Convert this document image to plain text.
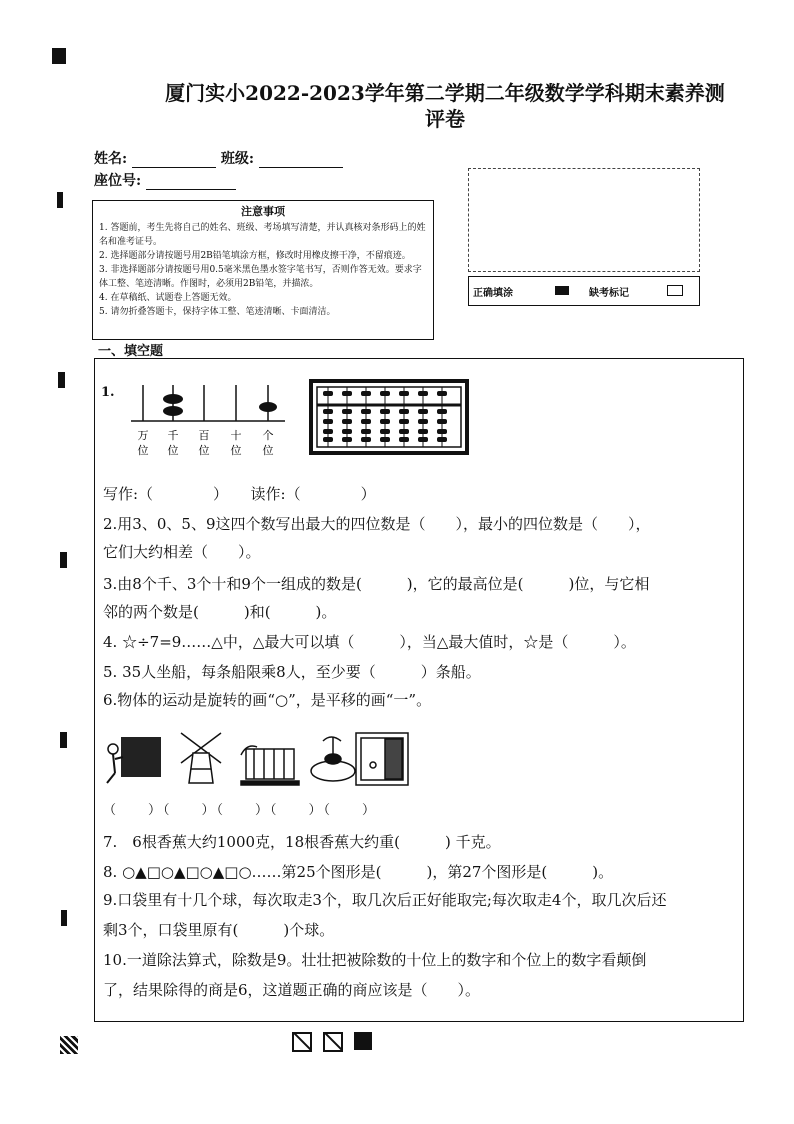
厦门实小2022-2023学年第二学期二年级数学学科期末素养测
评卷
姓名:	班级:
座位号:
注意事项
1. 答题前，考生先将自己的姓名、班级、考场填写清楚，并认真核对条形码上的姓名和准考证号。
2. 选择题部分请按题号用2B铅笔填涂方框，修改时用橡皮擦干净，不留痕迹。
3. 非选择题部分请按题号用0.5毫米黑色墨水签字笔书写，否则作答无效。要求字体工整、笔迹清晰。作图时，必须用2B铅笔，并描浓。
4. 在草稿纸、试题卷上答题无效。
5. 请勿折叠答题卡，保持字体工整、笔迹清晰、卡面清洁。
正确填涂	缺考标记
一、填空题
1.
万
位
千
位
百
位
十
位
个
位
写作:（　　　　）　　读作:（　　　　）
2.用3、0、5、9这四个数写出最大的四位数是（　　），最小的四位数是（　　），
它们大约相差（　　）。
3.由8个千、3个十和9个一组成的数是(　　　)，它的最高位是(　　　)位，与它相
邻的两个数是(　　　)和(　　　)。
4. ☆÷7=9……△中，△最大可以填（　　　），当△最大值时，☆是（　　　）。
5. 35人坐船，每条船限乘8人，至少要（　　　）条船。
6.物体的运动是旋转的画“○”，是平移的画“一”。
（　　）（　　）（　　）（　　）（　　）
7.　6根香蕉大约1000克，18根香蕉大约重(　　　) 千克。
8. ○▲□○▲□○▲□○……第25个图形是(　　　)，第27个图形是(　　　)。
9.口袋里有十几个球，每次取走3个，取几次后正好能取完;每次取走4个，取几次后还
剩3个，口袋里原有(　　　)个球。
10.一道除法算式，除数是9。壮壮把被除数的十位上的数字和个位上的数字看颠倒
了，结果除得的商是6，这道题正确的商应该是（　　）。
